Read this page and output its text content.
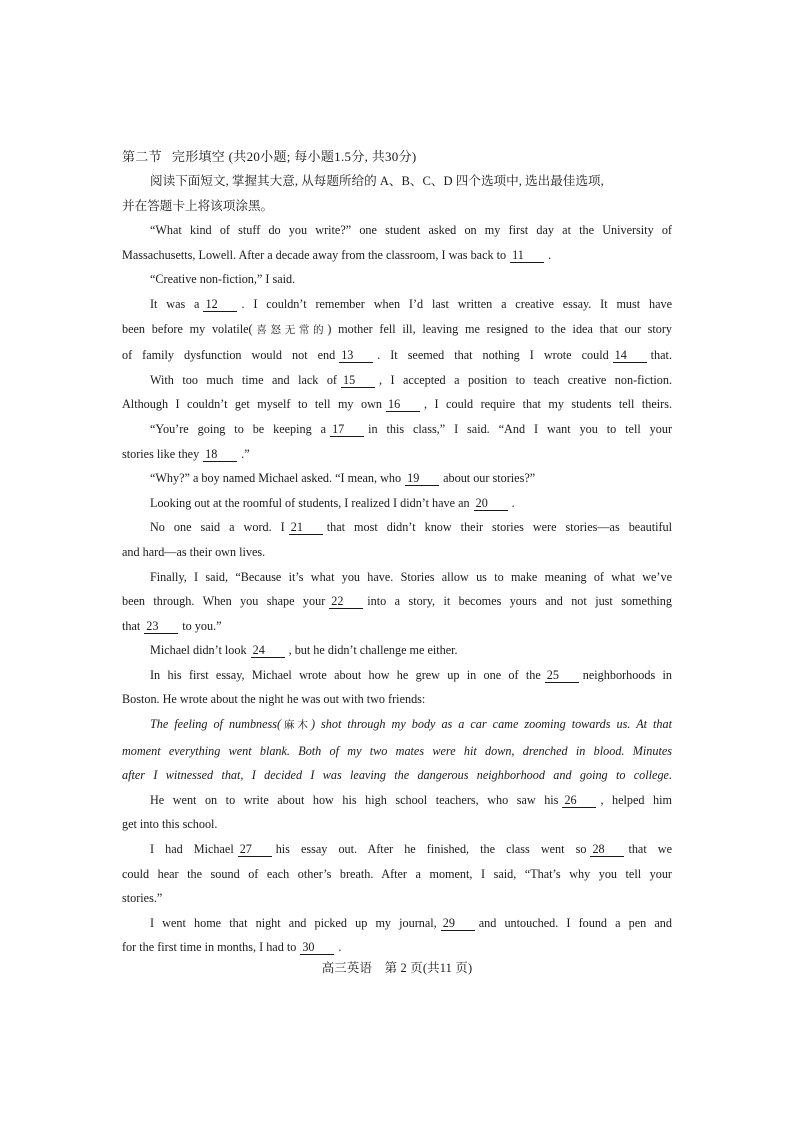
第二节 完形填空 (共20小题; 每小题1.5分, 共30分)
阅读下面短文, 掌握其大意, 从每题所给的 A、B、C、D 四个选项中, 选出最佳选项,
并在答题卡上将该项涂黑。
“What kind of stuff do you write?” one student asked on my first day at the University of
Massachusetts, Lowell. After a decade away from the classroom, I was back to 11 .
“Creative non-fiction,” I said.
It was a 12 . I couldn’t remember when I’d last written a creative essay. It must have
been before my volatile(喜怒无常的) mother fell ill, leaving me resigned to the idea that our story
of family dysfunction would not end 13 . It seemed that nothing I wrote could 14 that.
With too much time and lack of 15 , I accepted a position to teach creative non-fiction.
Although I couldn’t get myself to tell my own 16 , I could require that my students tell theirs.
“You’re going to be keeping a 17 in this class,” I said. “And I want you to tell your
stories like they 18 .”
“Why?” a boy named Michael asked. “I mean, who 19 about our stories?”
Looking out at the roomful of students, I realized I didn’t have an 20 .
No one said a word. I 21 that most didn’t know their stories were stories—as beautiful
and hard—as their own lives.
Finally, I said, “Because it’s what you have. Stories allow us to make meaning of what we’ve
been through. When you shape your 22 into a story, it becomes yours and not just something
that 23 to you.”
Michael didn’t look 24 , but he didn’t challenge me either.
In his first essay, Michael wrote about how he grew up in one of the 25 neighborhoods in
Boston. He wrote about the night he was out with two friends:
The feeling of numbness(麻木) shot through my body as a car came zooming towards us. At that
moment everything went blank. Both of my two mates were hit down, drenched in blood. Minutes
after I witnessed that, I decided I was leaving the dangerous neighborhood and going to college.
He went on to write about how his high school teachers, who saw his 26 , helped him
get into this school.
I had Michael 27 his essay out. After he finished, the class went so 28 that we
could hear the sound of each other’s breath. After a moment, I said, “That’s why you tell your
stories.”
I went home that night and picked up my journal, 29 and untouched. I found a pen and
for the first time in months, I had to 30 .
高三英语　第 2 页(共11 页)
